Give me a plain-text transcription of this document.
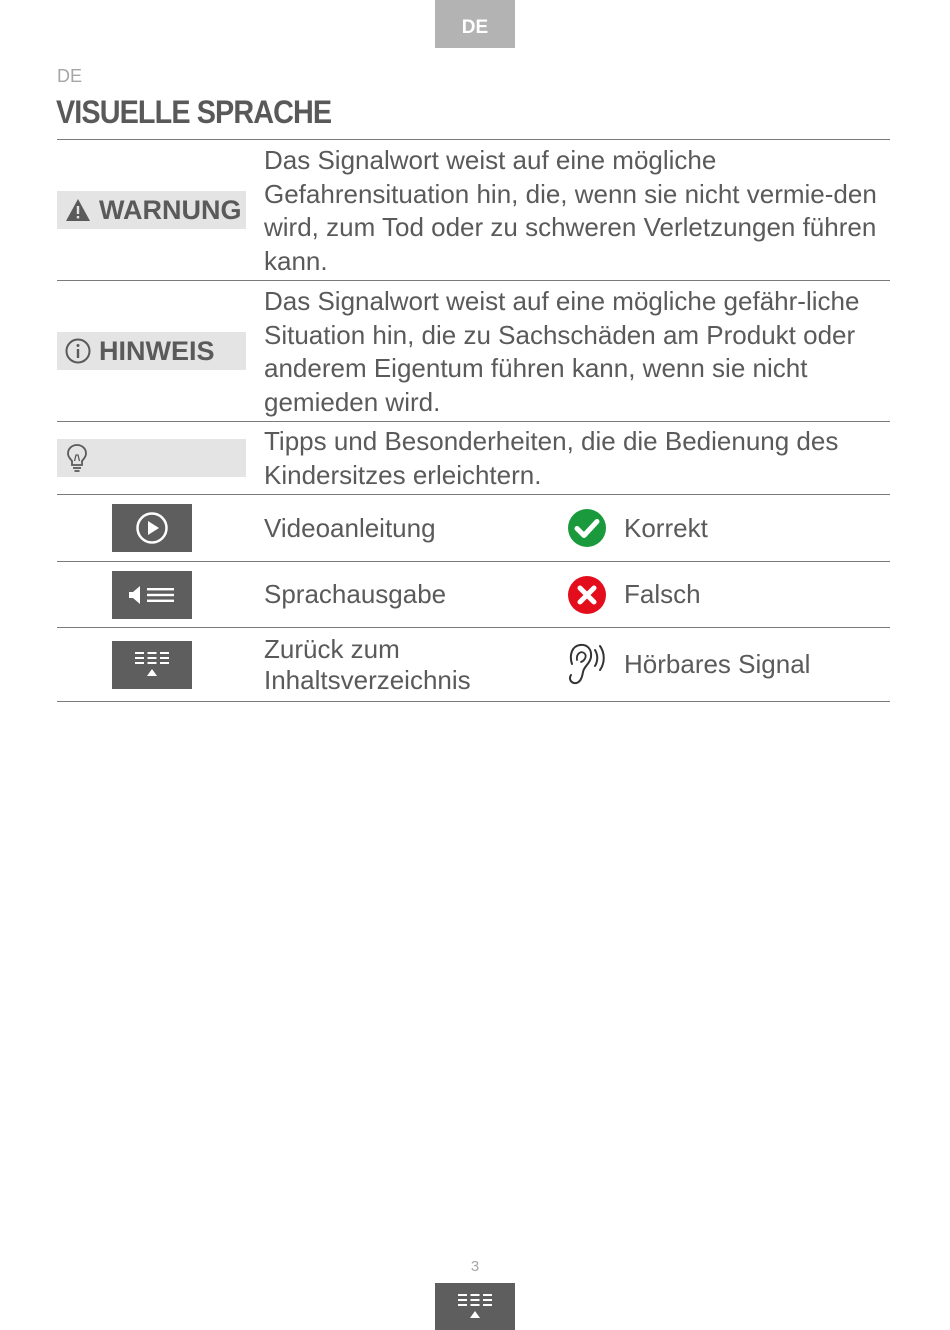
DE
DE
VISUELLE SPRACHE
WARNUNG
Das Signalwort weist auf eine mögliche Gefahrensituation hin, die, wenn sie nicht vermie-den wird, zum Tod oder zu schweren Verletzungen führen kann.
HINWEIS
Das Signalwort weist auf eine mögliche gefähr-liche Situation hin, die zu Sachschäden am Produkt oder anderem Eigentum führen kann, wenn sie nicht gemieden wird.
Tipps und Besonderheiten, die die Bedienung des Kindersitzes erleichtern.
Videoanleitung	Korrekt
Sprachausgabe	Falsch
Zurück zum Inhaltsverzeichnis
Hörbares Signal
3
